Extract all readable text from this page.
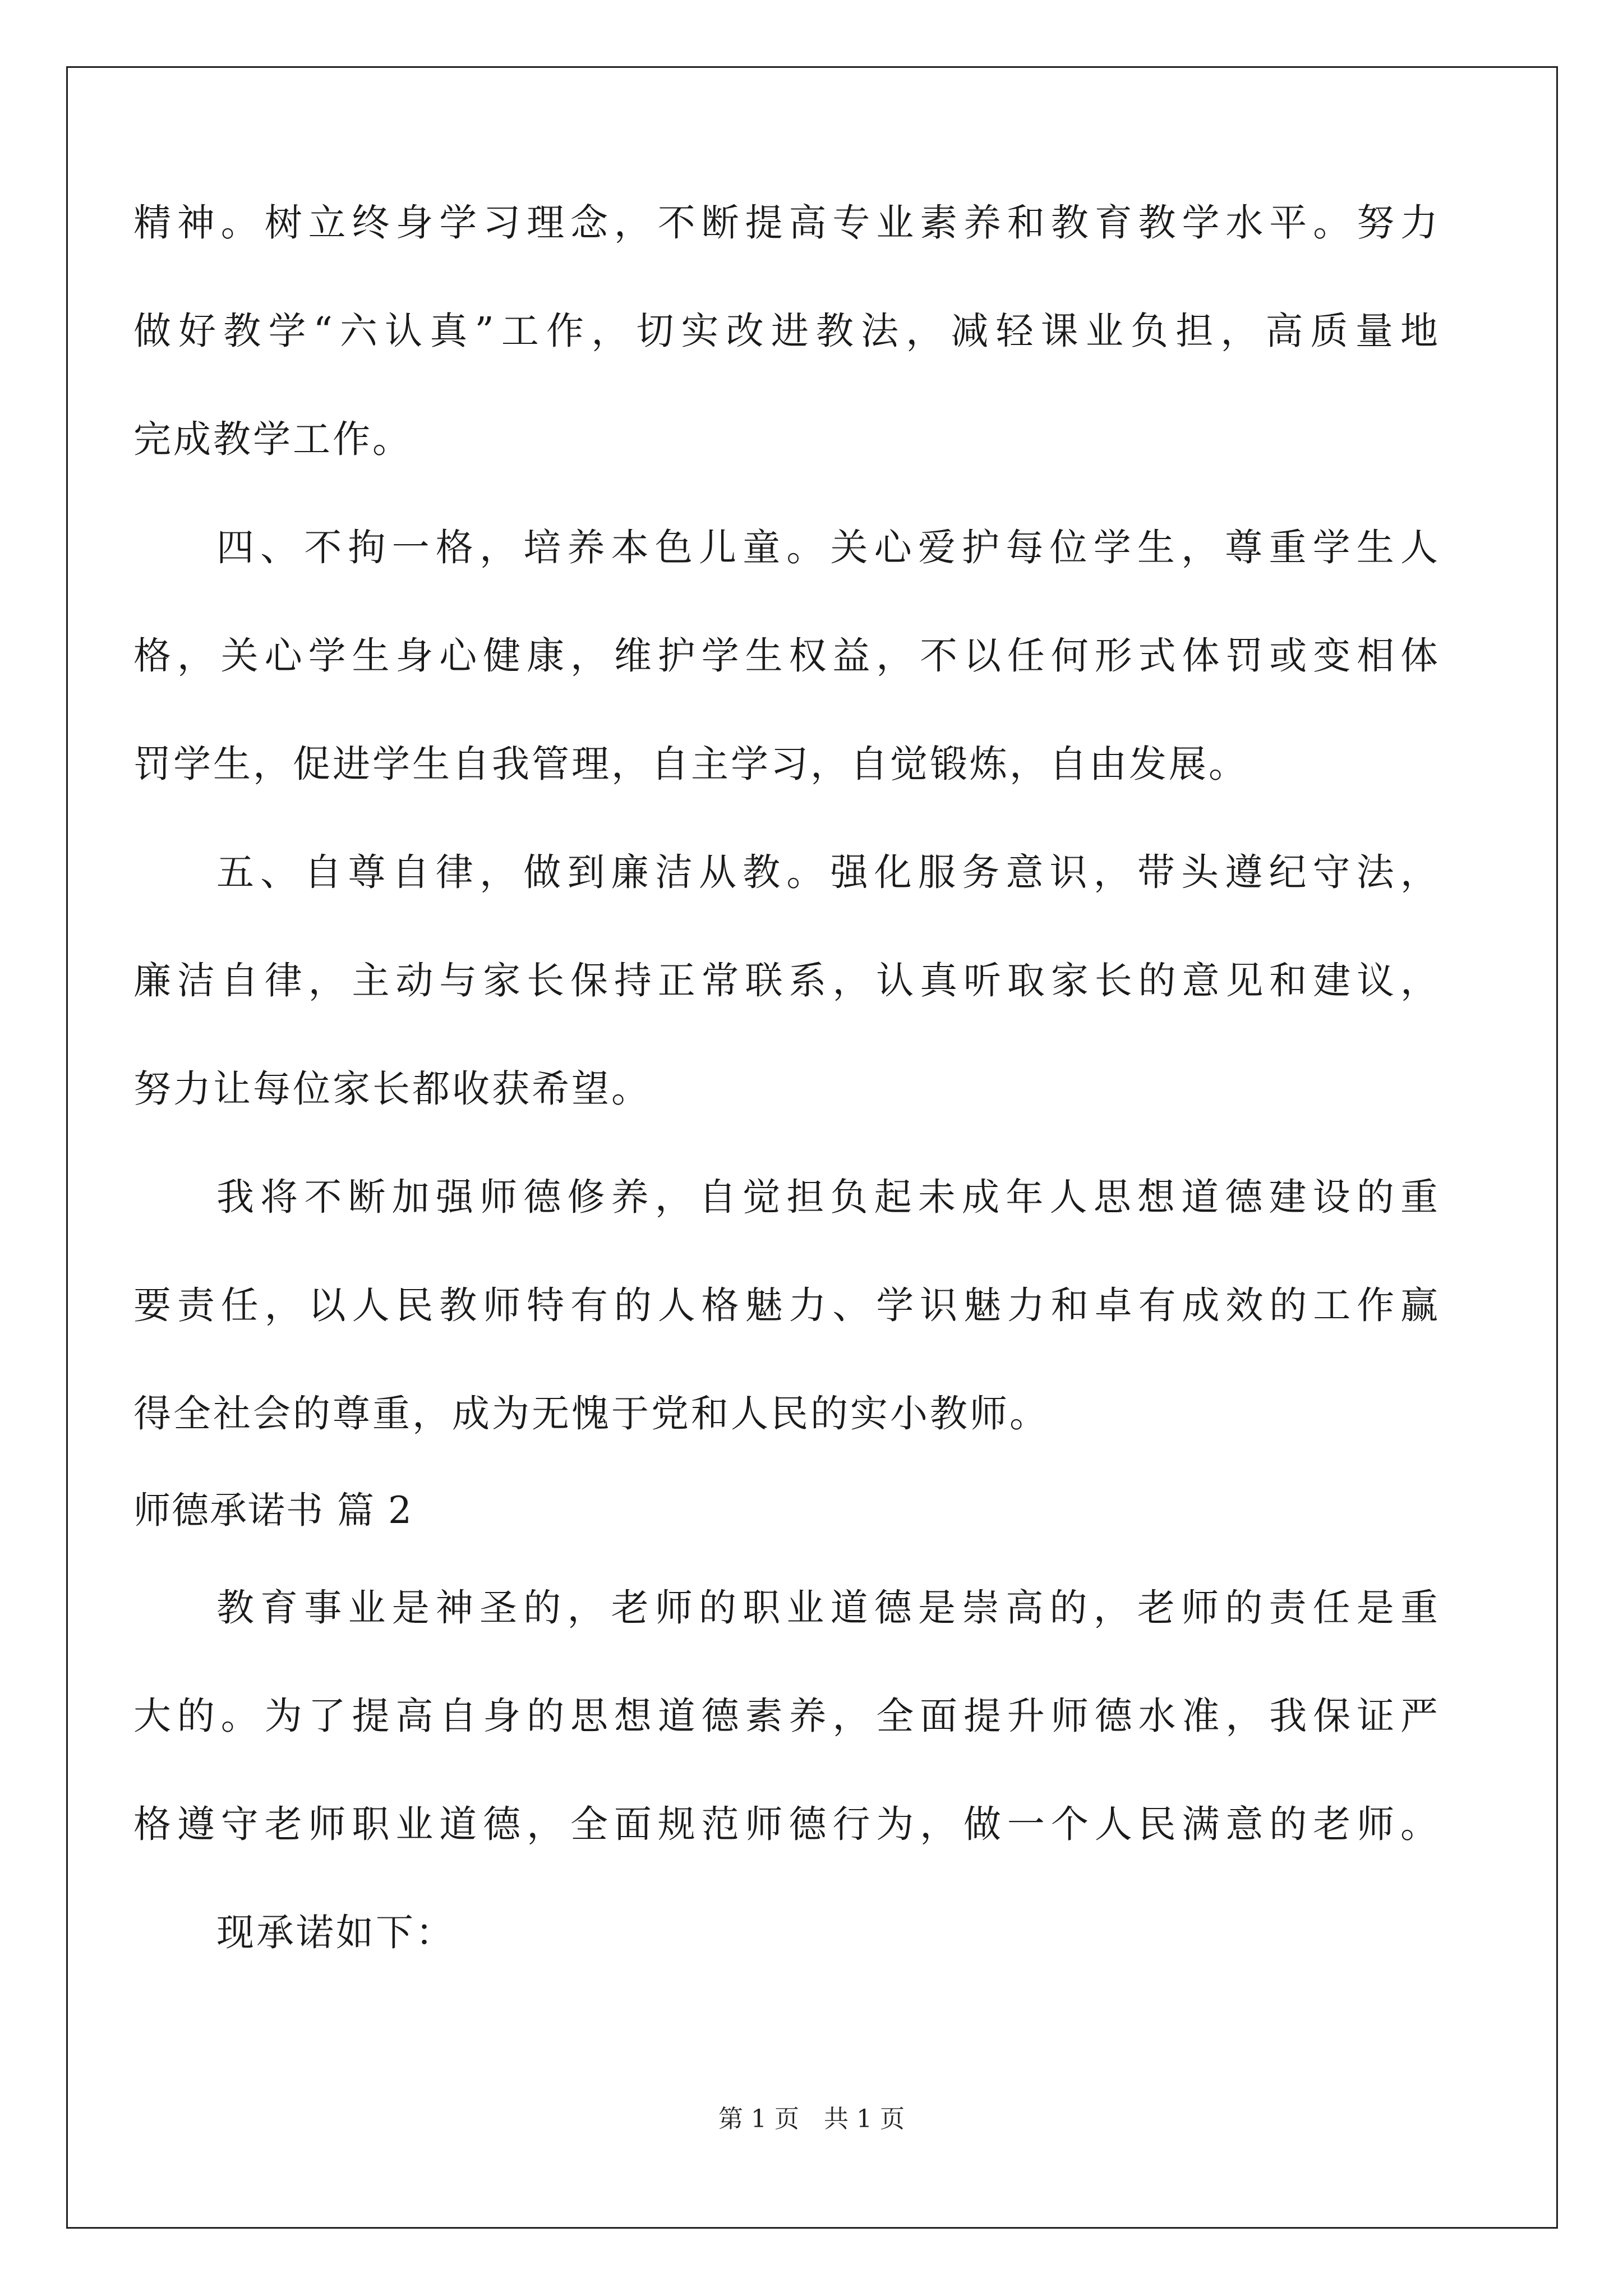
精神。树立终身学习理念，不断提高专业素养和教育教学水平。努力
做好教学“六认真”工作，切实改进教法，减轻课业负担，高质量地
完成教学工作。
四、不拘一格，培养本色儿童。关心爱护每位学生，尊重学生人
格，关心学生身心健康，维护学生权益，不以任何形式体罚或变相体
罚学生，促进学生自我管理，自主学习，自觉锻炼，自由发展。
五、自尊自律，做到廉洁从教。强化服务意识，带头遵纪守法，
廉洁自律，主动与家长保持正常联系，认真听取家长的意见和建议，
努力让每位家长都收获希望。
我将不断加强师德修养，自觉担负起未成年人思想道德建设的重
要责任，以人民教师特有的人格魅力、学识魅力和卓有成效的工作赢
得全社会的尊重，成为无愧于党和人民的实小教师。
师德承诺书 篇 2
教育事业是神圣的，老师的职业道德是崇高的，老师的责任是重
大的。为了提高自身的思想道德素养，全面提升师德水准，我保证严
格遵守老师职业道德，全面规范师德行为，做一个人民满意的老师。
现承诺如下：
第 1 页　共 1 页
